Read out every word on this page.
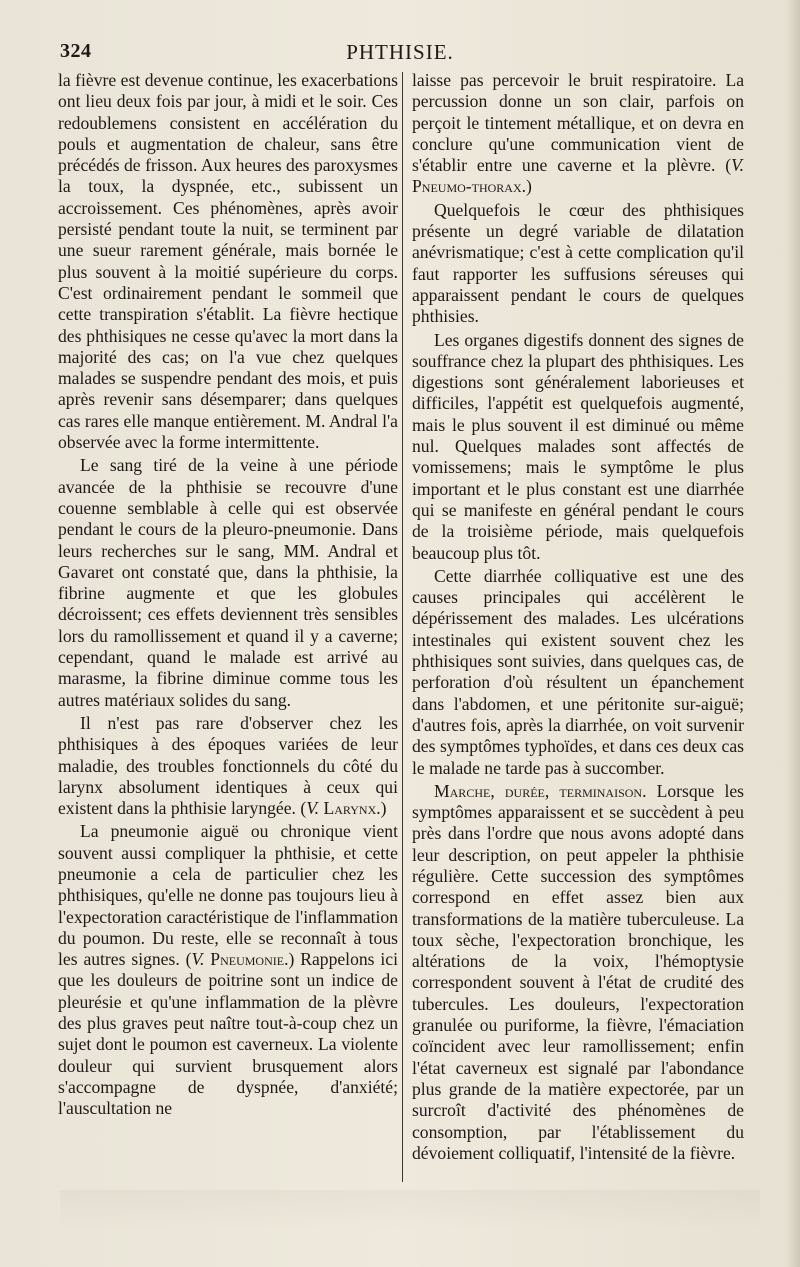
324	PHTHISIE.

la fièvre est devenue continue, les exacerbations ont lieu deux fois par jour, à midi et le soir. Ces redoublemens consistent en accélération du pouls et augmentation de chaleur, sans être précédés de frisson. Aux heures des paroxysmes la toux, la dyspnée, etc., subissent un accroissement. Ces phénomènes, après avoir persisté pendant toute la nuit, se terminent par une sueur rarement générale, mais bornée le plus souvent à la moitié supérieure du corps. C'est ordinairement pendant le sommeil que cette transpiration s'établit. La fièvre hectique des phthisiques ne cesse qu'avec la mort dans la majorité des cas; on l'a vue chez quelques malades se suspendre pendant des mois, et puis après revenir sans désemparer; dans quelques cas rares elle manque entièrement. M. Andral l'a observée avec la forme intermittente.

Le sang tiré de la veine à une période avancée de la phthisie se recouvre d'une couenne semblable à celle qui est observée pendant le cours de la pleuro-pneumonie. Dans leurs recherches sur le sang, MM. Andral et Gavaret ont constaté que, dans la phthisie, la fibrine augmente et que les globules décroissent; ces effets deviennent très sensibles lors du ramollissement et quand il y a caverne; cependant, quand le malade est arrivé au marasme, la fibrine diminue comme tous les autres matériaux solides du sang.

Il n'est pas rare d'observer chez les phthisiques à des époques variées de leur maladie, des troubles fonctionnels du côté du larynx absolument identiques à ceux qui existent dans la phthisie laryngée. (V. Larynx.)

La pneumonie aiguë ou chronique vient souvent aussi compliquer la phthisie, et cette pneumonie a cela de particulier chez les phthisiques, qu'elle ne donne pas toujours lieu à l'expectoration caractéristique de l'inflammation du poumon. Du reste, elle se reconnaît à tous les autres signes. (V. Pneumonie.) Rappelons ici que les douleurs de poitrine sont un indice de pleurésie et qu'une inflammation de la plèvre des plus graves peut naître tout-à-coup chez un sujet dont le poumon est caverneux. La violente douleur qui survient brusquement alors s'accompagne de dyspnée, d'anxiété; l'auscultation ne

laisse pas percevoir le bruit respiratoire. La percussion donne un son clair, parfois on perçoit le tintement métallique, et on devra en conclure qu'une communication vient de s'établir entre une caverne et la plèvre. (V. Pneumo-thorax.)

Quelquefois le cœur des phthisiques présente un degré variable de dilatation anévrismatique; c'est à cette complication qu'il faut rapporter les suffusions séreuses qui apparaissent pendant le cours de quelques phthisies.

Les organes digestifs donnent des signes de souffrance chez la plupart des phthisiques. Les digestions sont généralement laborieuses et difficiles, l'appétit est quelquefois augmenté, mais le plus souvent il est diminué ou même nul. Quelques malades sont affectés de vomissemens; mais le symptôme le plus important et le plus constant est une diarrhée qui se manifeste en général pendant le cours de la troisième période, mais quelquefois beaucoup plus tôt.

Cette diarrhée colliquative est une des causes principales qui accélèrent le dépérissement des malades. Les ulcérations intestinales qui existent souvent chez les phthisiques sont suivies, dans quelques cas, de perforation d'où résultent un épanchement dans l'abdomen, et une péritonite sur-aiguë; d'autres fois, après la diarrhée, on voit survenir des symptômes typhoïdes, et dans ces deux cas le malade ne tarde pas à succomber.

Marche, durée, terminaison. Lorsque les symptômes apparaissent et se succèdent à peu près dans l'ordre que nous avons adopté dans leur description, on peut appeler la phthisie régulière. Cette succession des symptômes correspond en effet assez bien aux transformations de la matière tuberculeuse. La toux sèche, l'expectoration bronchique, les altérations de la voix, l'hémoptysie correspondent souvent à l'état de crudité des tubercules. Les douleurs, l'expectoration granulée ou puriforme, la fièvre, l'émaciation coïncident avec leur ramollissement; enfin l'état caverneux est signalé par l'abondance plus grande de la matière expectorée, par un surcroît d'activité des phénomènes de consomption, par l'établissement du dévoiement colliquatif, l'intensité de la fièvre.
